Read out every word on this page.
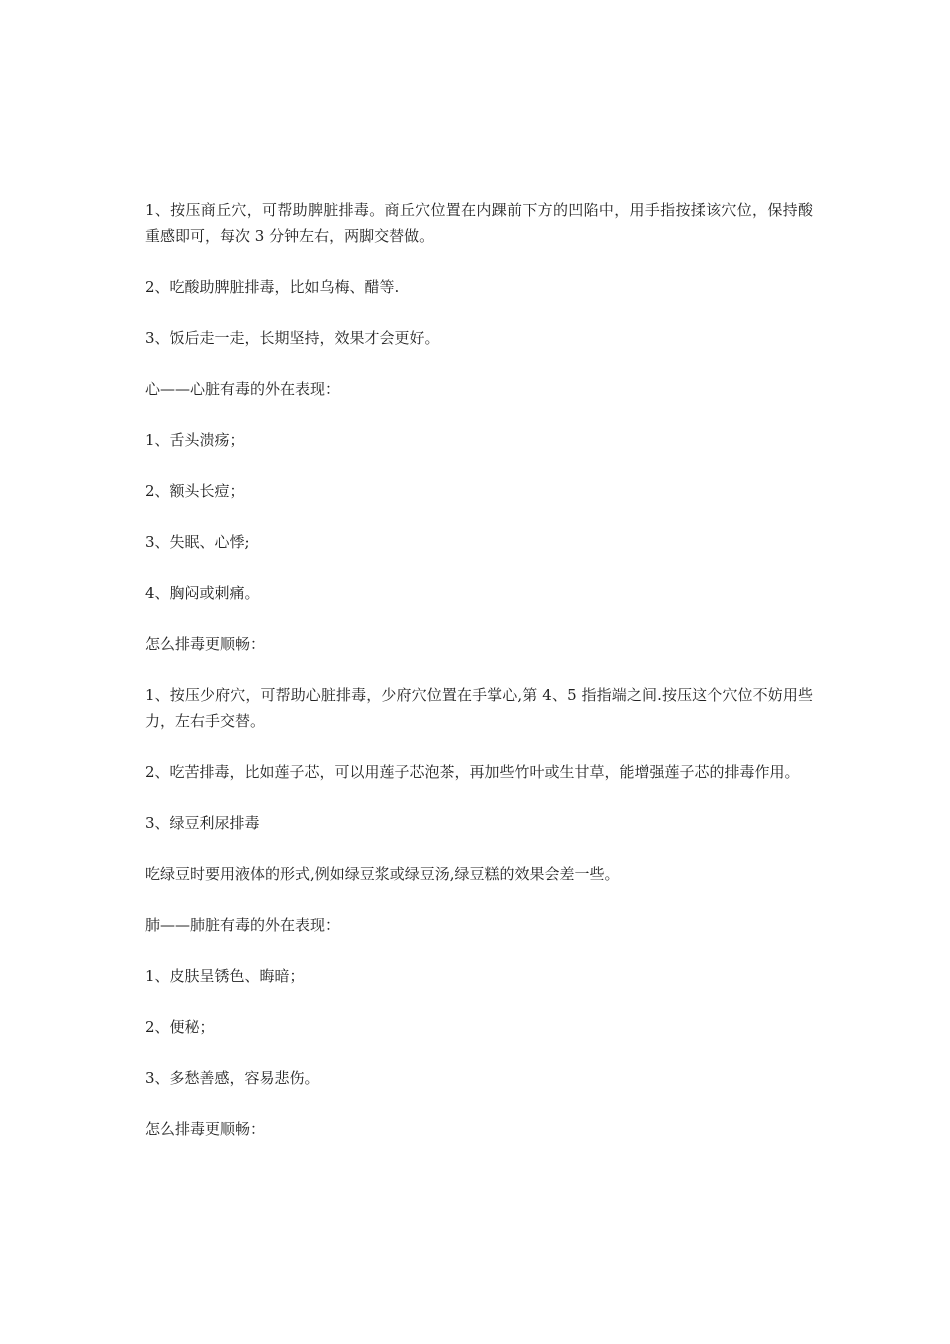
1、按压商丘穴，可帮助脾脏排毒。商丘穴位置在内踝前下方的凹陷中，用手指按揉该穴位，保持酸重感即可，每次 3 分钟左右，两脚交替做。

2、吃酸助脾脏排毒，比如乌梅、醋等.

3、饭后走一走，长期坚持，效果才会更好。

心——心脏有毒的外在表现：

1、舌头溃疡；

2、额头长痘；

3、失眠、心悸;

4、胸闷或刺痛。

怎么排毒更顺畅：

1、按压少府穴，可帮助心脏排毒，少府穴位置在手掌心,第 4、5 指指端之间.按压这个穴位不妨用些力，左右手交替。

2、吃苦排毒，比如莲子芯，可以用莲子芯泡茶，再加些竹叶或生甘草，能增强莲子芯的排毒作用。

3、绿豆利尿排毒

吃绿豆时要用液体的形式,例如绿豆浆或绿豆汤,绿豆糕的效果会差一些。

肺——肺脏有毒的外在表现：

1、皮肤呈锈色、晦暗；

2、便秘；

3、多愁善感，容易悲伤。

怎么排毒更顺畅：
